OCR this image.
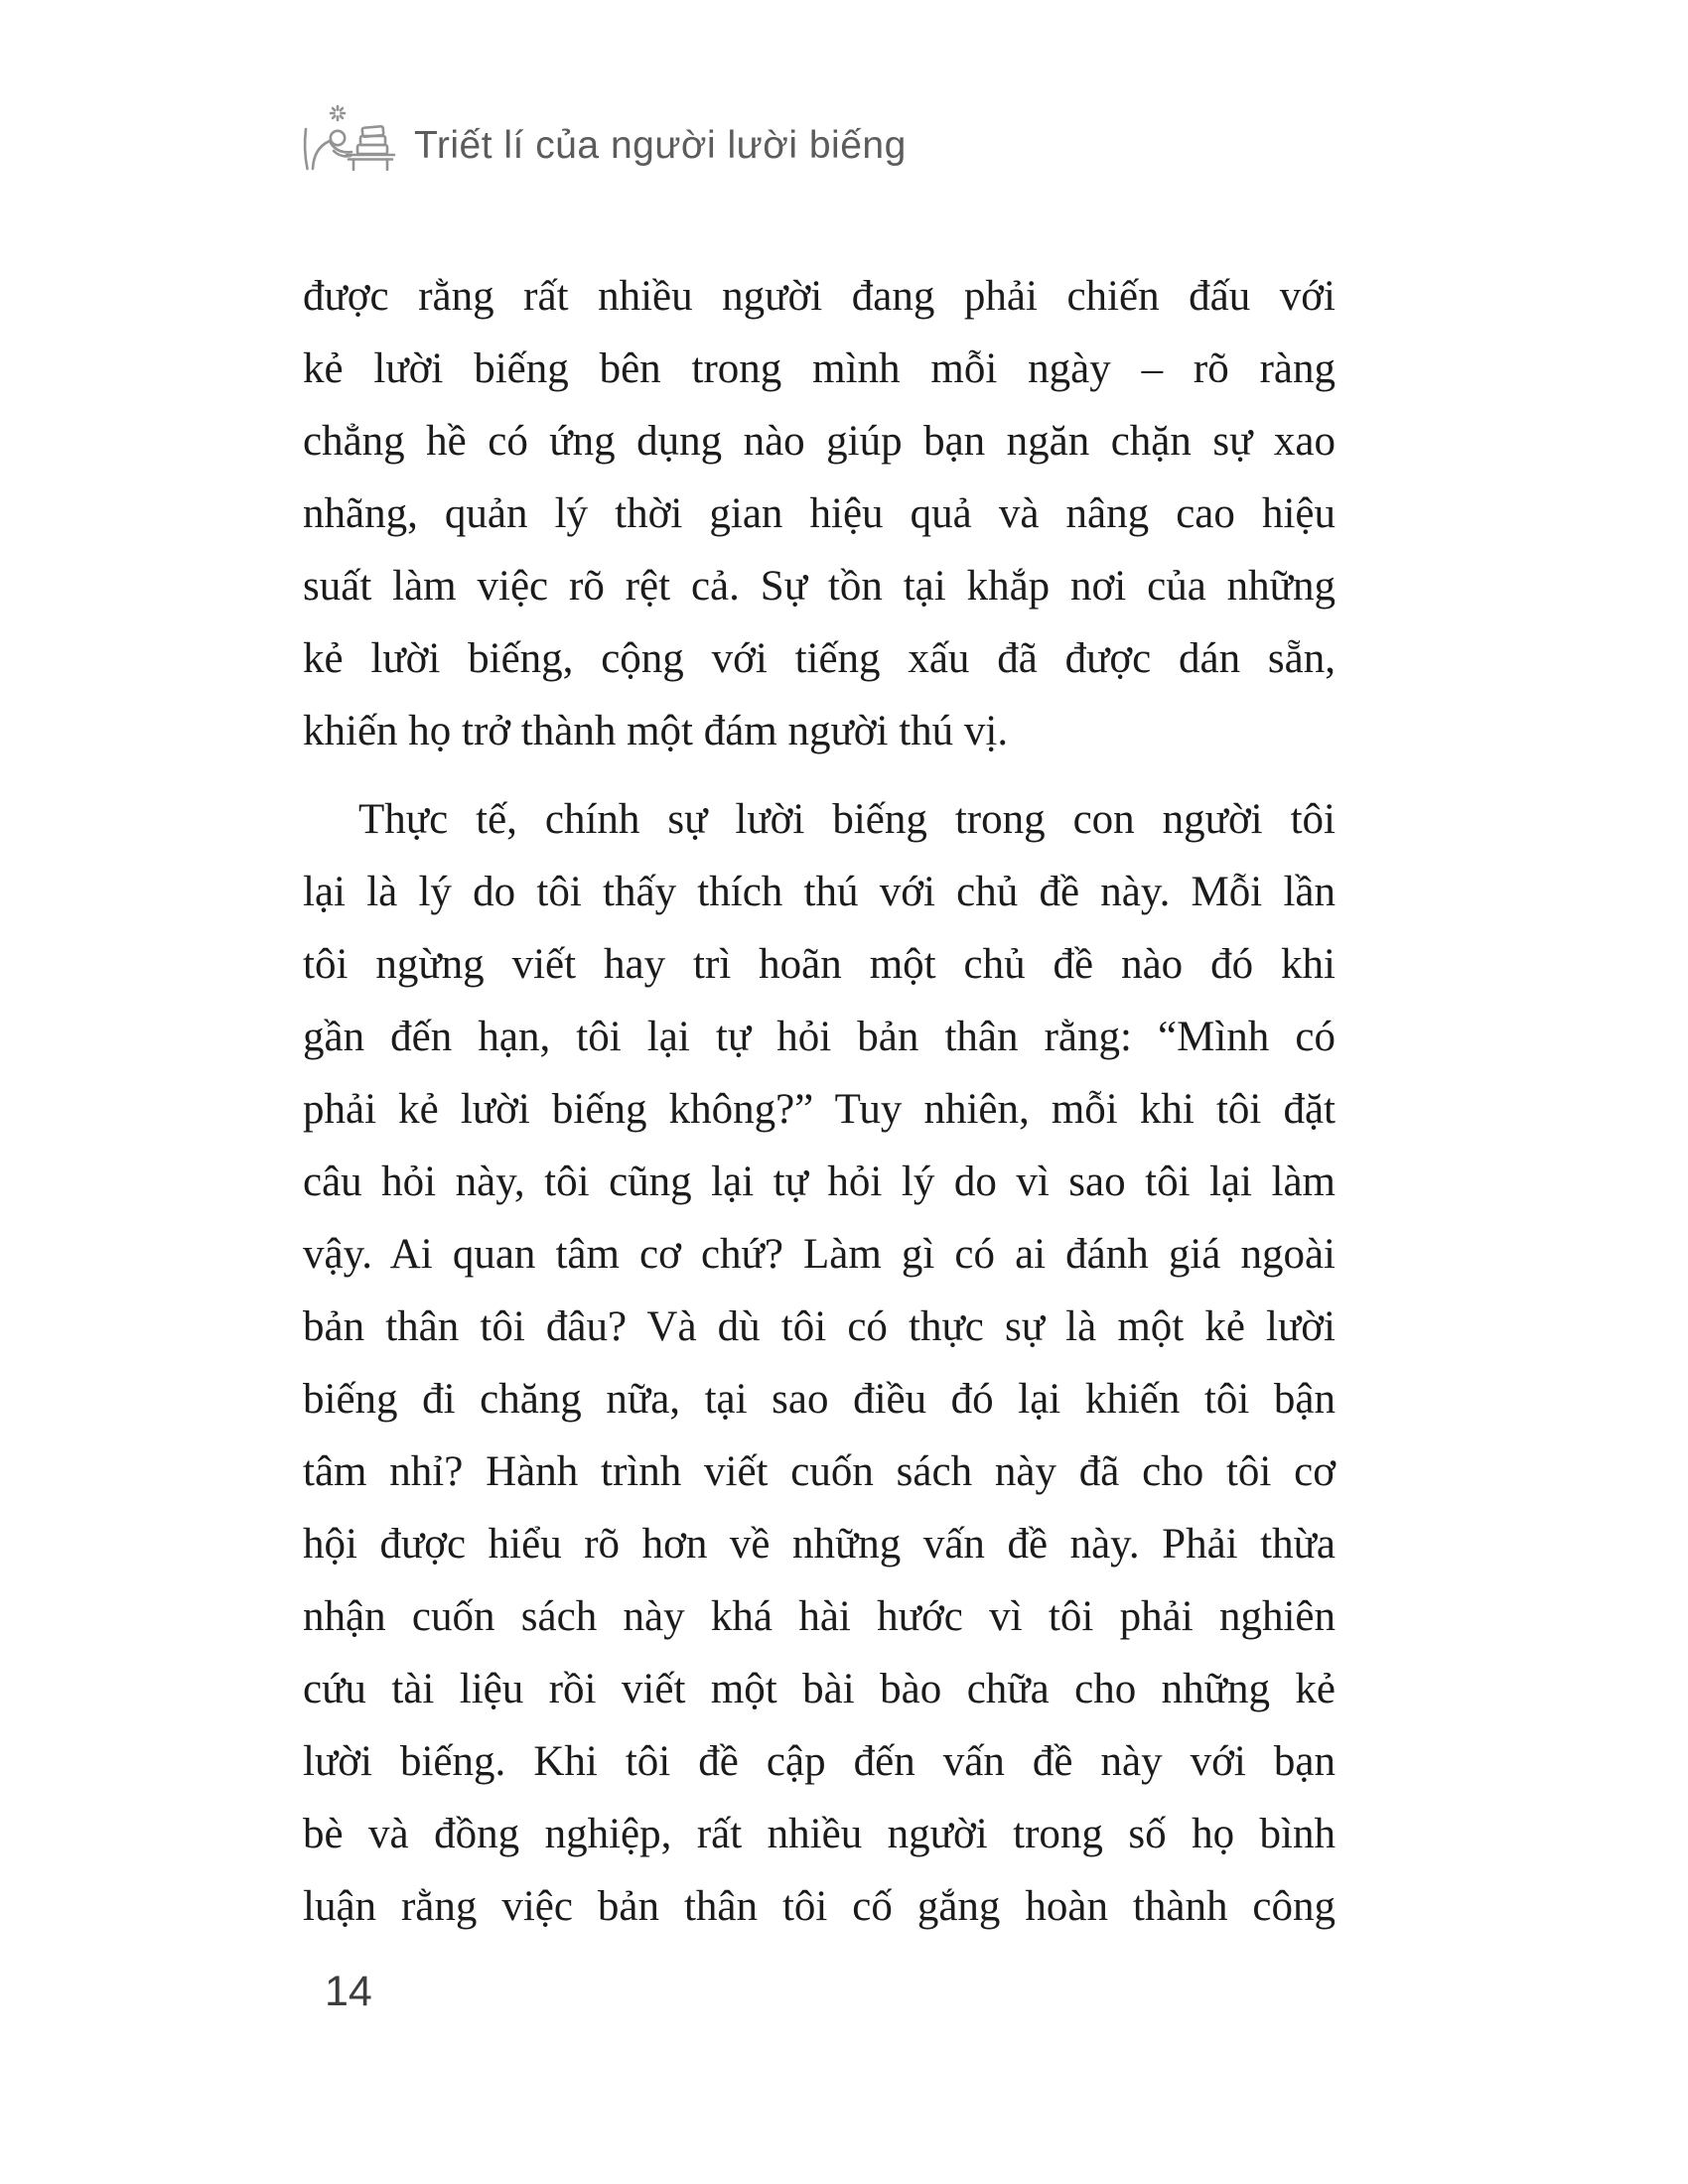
Triết lí của người lười biếng
được rằng rất nhiều người đang phải chiến đấu với
kẻ lười biếng bên trong mình mỗi ngày – rõ ràng
chẳng hề có ứng dụng nào giúp bạn ngăn chặn sự xao
nhãng, quản lý thời gian hiệu quả và nâng cao hiệu
suất làm việc rõ rệt cả. Sự tồn tại khắp nơi của những
kẻ lười biếng, cộng với tiếng xấu đã được dán sẵn,
khiến họ trở thành một đám người thú vị.
Thực tế, chính sự lười biếng trong con người tôi
lại là lý do tôi thấy thích thú với chủ đề này. Mỗi lần
tôi ngừng viết hay trì hoãn một chủ đề nào đó khi
gần đến hạn, tôi lại tự hỏi bản thân rằng: “Mình có
phải kẻ lười biếng không?” Tuy nhiên, mỗi khi tôi đặt
câu hỏi này, tôi cũng lại tự hỏi lý do vì sao tôi lại làm
vậy. Ai quan tâm cơ chứ? Làm gì có ai đánh giá ngoài
bản thân tôi đâu? Và dù tôi có thực sự là một kẻ lười
biếng đi chăng nữa, tại sao điều đó lại khiến tôi bận
tâm nhỉ? Hành trình viết cuốn sách này đã cho tôi cơ
hội được hiểu rõ hơn về những vấn đề này. Phải thừa
nhận cuốn sách này khá hài hước vì tôi phải nghiên
cứu tài liệu rồi viết một bài bào chữa cho những kẻ
lười biếng. Khi tôi đề cập đến vấn đề này với bạn
bè và đồng nghiệp, rất nhiều người trong số họ bình
luận rằng việc bản thân tôi cố gắng hoàn thành công
14
